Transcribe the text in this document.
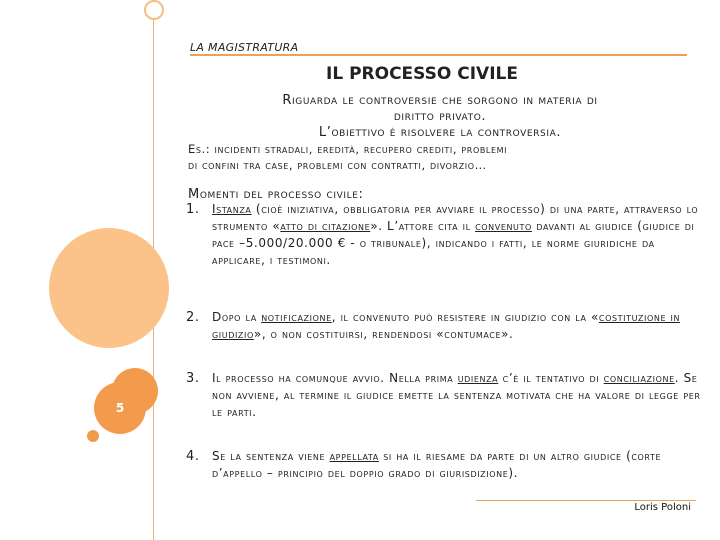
5
LA MAGISTRATURA
IL PROCESSO CIVILE
Riguarda le controversie che sorgono in materia di
diritto privato.
L’obiettivo è risolvere la controversia.
Es.: incidenti stradali, eredità, recupero crediti, problemi
di confini tra case, problemi con contratti, divorzio…
Momenti del processo civile:
1.	Istanza (cioè iniziativa, obbligatoria per avviare il processo) di una parte, attraverso lo strumento «atto di citazione». L’attore cita il convenuto davanti al giudice (giudice di pace –5.000/20.000 € - o tribunale), indicando i fatti, le norme giuridiche da applicare, i testimoni.
2.	Dopo la notificazione, il convenuto può resistere in giudizio con la «costituzione in giudizio», o non costituirsi, rendendosi «contumace».
3.	Il processo ha comunque avvio. Nella prima udienza c’è il tentativo di conciliazione. Se non avviene, al termine il giudice emette la sentenza motivata che ha valore di legge per le parti.
4.	Se la sentenza viene appellata si ha il riesame da parte di un altro giudice (corte d’appello – principio del doppio grado di giurisdizione).
Loris Poloni
